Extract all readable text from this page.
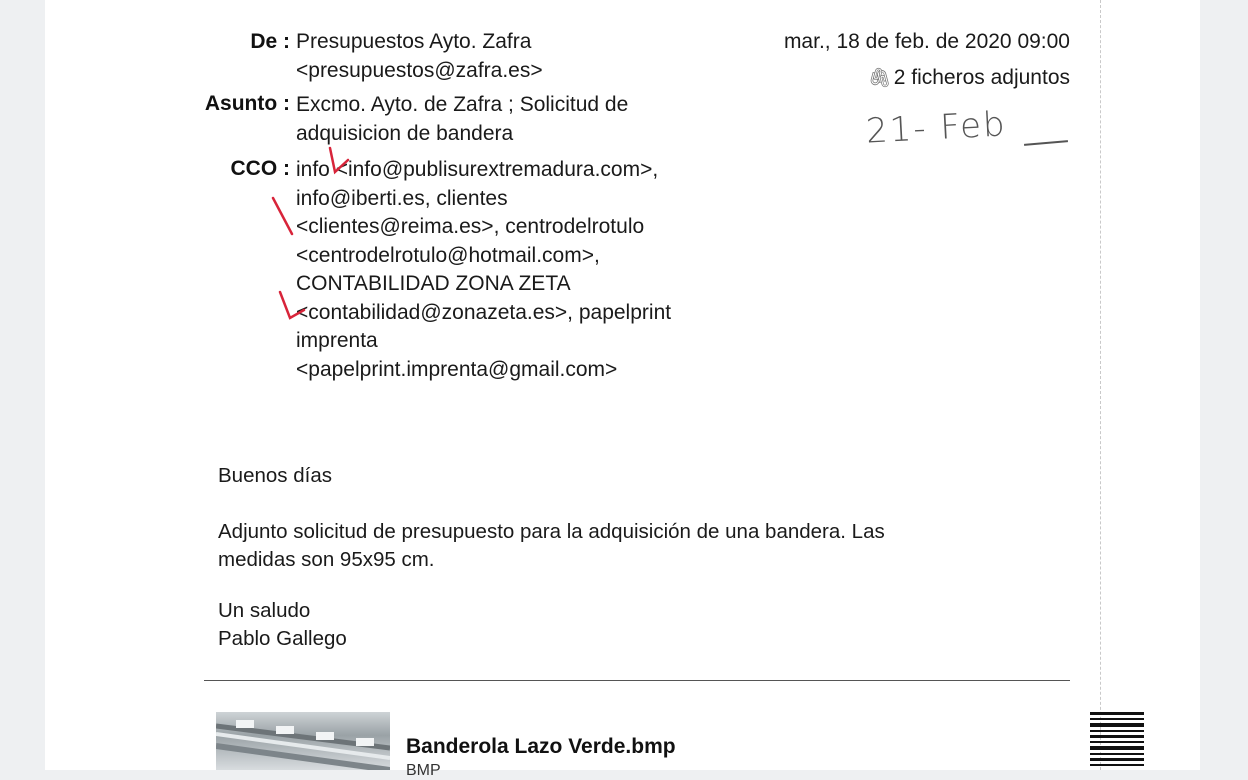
De :
Asunto :
CCO :
Presupuestos Ayto. Zafra
<presupuestos@zafra.es>
Excmo. Ayto. de Zafra ; Solicitud de
adquisicion de bandera
info <info@publisurextremadura.com>,
info@iberti.es, clientes
<clientes@reima.es>, centrodelrotulo
<centrodelrotulo@hotmail.com>,
CONTABILIDAD ZONA ZETA
<contabilidad@zonazeta.es>, papelprint
imprenta
<papelprint.imprenta@gmail.com>
mar., 18 de feb. de 2020 09:00
🖇2 ficheros adjuntos
21- Feb
Buenos días
Adjunto solicitud de presupuesto para la adquisición de una bandera. Las
medidas son 95x95 cm.
Un saludo
Pablo Gallego
Banderola Lazo Verde.bmp
BMP
